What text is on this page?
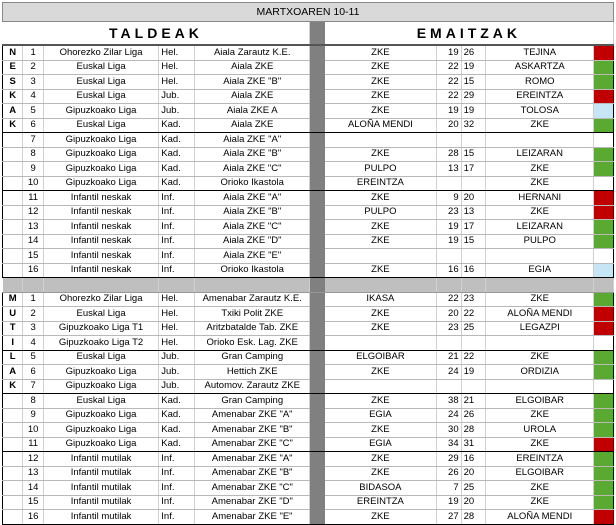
MARTXOAREN 10-11										
TALDEAK						EMAITZAK				
N	1	Ohorezko Zilar Liga	Hel.	Aiala Zarautz K.E.		ZKE	19	26	TEJINA	
E	2	Euskal Liga	Hel.	Aiala ZKE		ZKE	22	19	ASKARTZA	
S	3	Euskal Liga	Hel.	Aiala ZKE "B"		ZKE	22	15	ROMO	
K	4	Euskal Liga	Jub.	Aiala ZKE		ZKE	22	29	EREINTZA	
A	5	Gipuzkoako Liga	Jub.	Aiala ZKE A		ZKE	19	19	TOLOSA	
K	6	Euskal Liga	Kad.	Aiala ZKE		ALOÑA MENDI	20	32	ZKE	
	7	Gipuzkoako Liga	Kad.	Aiala ZKE "A"						
	8	Gipuzkoako Liga	Kad.	Aiala ZKE "B"		ZKE	28	15	LEIZARAN	
	9	Gipuzkoako Liga	Kad.	Aiala ZKE "C"		PULPO	13	17	ZKE	
	10	Gipuzkoako Liga	Kad.	Orioko Ikastola		EREINTZA			ZKE	
	11	Infantil neskak	Inf.	Aiala ZKE "A"		ZKE	9	20	HERNANI	
	12	Infantil neskak	Inf.	Aiala ZKE "B"		PULPO	23	13	ZKE	
	13	Infantil neskak	Inf.	Aiala ZKE "C"		ZKE	19	17	LEIZARAN	
	14	Infantil neskak	Inf.	Aiala ZKE "D"		ZKE	19	15	PULPO	
	15	Infantil neskak	Inf.	Aiala ZKE "E"						
	16	Infantil neskak	Inf.	Orioko Ikastola		ZKE	16	16	EGIA	

M	1	Ohorezko Zilar Liga	Hel.	Amenabar Zarautz K.E.		IKASA	22	23	ZKE	
U	2	Euskal Liga	Hel.	Txiki Polit ZKE		ZKE	20	22	ALOÑA MENDI	
T	3	Gipuzkoako Liga T1	Hel.	Aritzbatalde Tab. ZKE		ZKE	23	25	LEGAZPI	
I	4	Gipuzkoako Liga T2	Hel.	Orioko Esk. Lag. ZKE						
L	5	Euskal Liga	Jub.	Gran Camping		ELGOIBAR	21	22	ZKE	
A	6	Gipuzkoako Liga	Jub.	Hettich ZKE		ZKE	24	19	ORDIZIA	
K	7	Gipuzkoako Liga	Jub.	Automov. Zarautz ZKE						
	8	Euskal Liga	Kad.	Gran Camping		ZKE	38	21	ELGOIBAR	
	9	Gipuzkoako Liga	Kad.	Amenabar ZKE "A"		EGIA	24	26	ZKE	
	10	Gipuzkoako Liga	Kad.	Amenabar ZKE "B"		ZKE	30	28	UROLA	
	11	Gipuzkoako Liga	Kad.	Amenabar ZKE "C"		EGIA	34	31	ZKE	
	12	Infantil mutilak	Inf.	Amenabar ZKE "A"		ZKE	29	16	EREINTZA	
	13	Infantil mutilak	Inf.	Amenabar ZKE "B"		ZKE	26	20	ELGOIBAR	
	14	Infantil mutilak	Inf.	Amenabar ZKE "C"		BIDASOA	7	25	ZKE	
	15	Infantil mutilak	Inf.	Amenabar ZKE "D"		EREINTZA	19	20	ZKE	
	16	Infantil mutilak	Inf.	Amenabar ZKE "E"		ZKE	27	28	ALOÑA MENDI	
